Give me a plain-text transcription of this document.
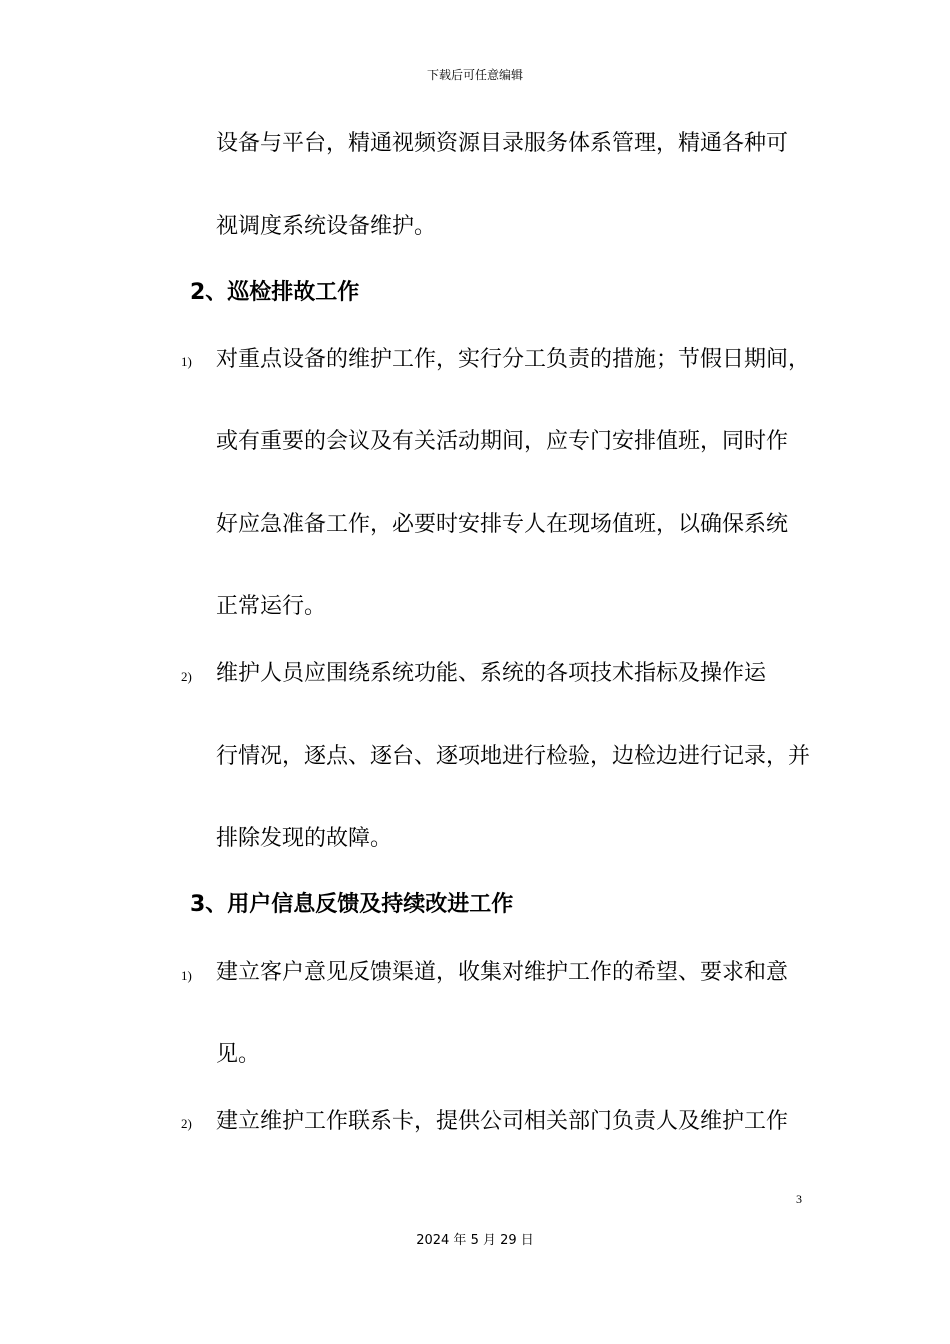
下载后可任意编辑
设备与平台，精通视频资源目录服务体系管理，精通各种可
视调度系统设备维护。
2、巡检排故工作
1) 对重点设备的维护工作，实行分工负责的措施；节假日期间，
或有重要的会议及有关活动期间，应专门安排值班，同时作
好应急准备工作，必要时安排专人在现场值班，以确保系统
正常运行。
2) 维护人员应围绕系统功能、系统的各项技术指标及操作运
行情况，逐点、逐台、逐项地进行检验，边检边进行记录，并
排除发现的故障。
3、用户信息反馈及持续改进工作
1) 建立客户意见反馈渠道，收集对维护工作的希望、要求和意
见。
2) 建立维护工作联系卡，提供公司相关部门负责人及维护工作
3
2024 年 5 月 29 日
